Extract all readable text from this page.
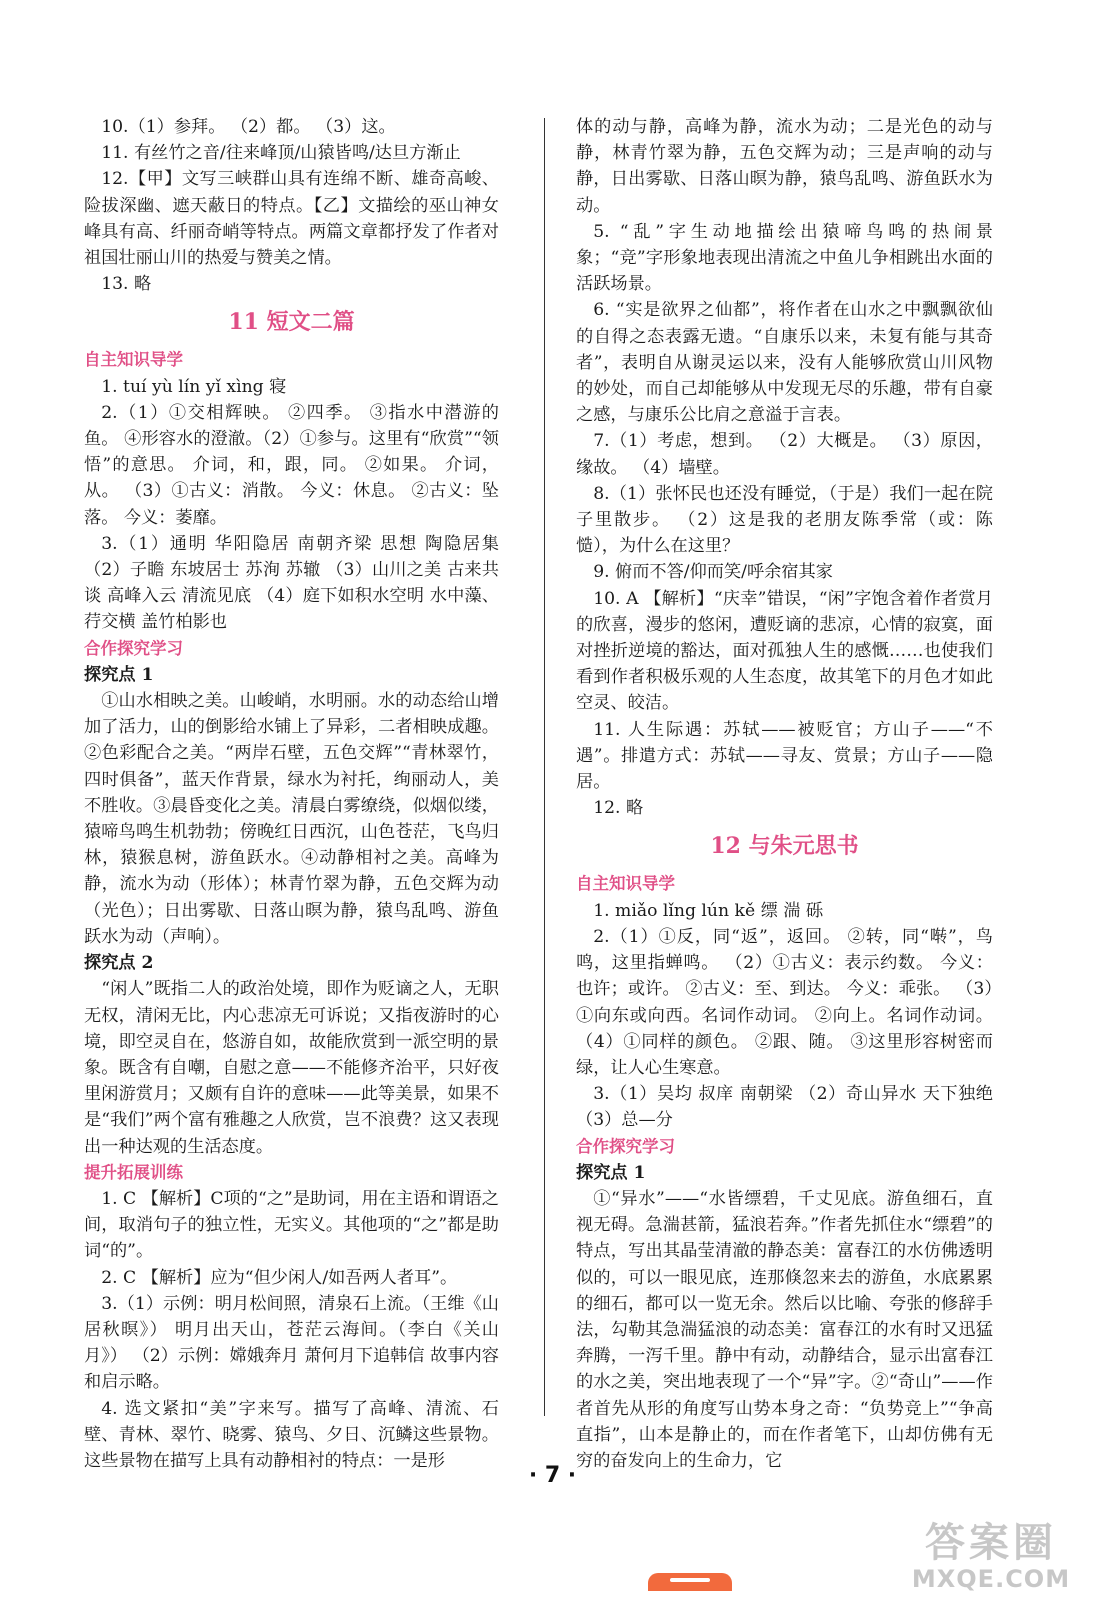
10.（1）参拜。 （2）都。 （3）这。

11. 有丝竹之音/往来峰顶/山猿皆鸣/达旦方渐止

12.【甲】文写三峡群山具有连绵不断、雄奇高峻、险拔深幽、遮天蔽日的特点。【乙】文描绘的巫山神女峰具有高、纤丽奇峭等特点。两篇文章都抒发了作者对祖国壮丽山川的热爱与赞美之情。

13. 略

11 短文二篇

自主知识导学

1. tuí yù lín yǐ xìng 寝

2.（1）①交相辉映。 ②四季。 ③指水中潜游的鱼。 ④形容水的澄澈。（2）①参与。这里有“欣赏”“领悟”的意思。 介词，和，跟，同。 ②如果。 介词，从。 （3）①古义：消散。 今义：休息。 ②古义：坠落。 今义：萎靡。

3.（1）通明 华阳隐居 南朝齐梁 思想 陶隐居集 （2）子瞻 东坡居士 苏洵 苏辙 （3）山川之美 古来共谈 高峰入云 清流见底 （4）庭下如积水空明 水中藻、荇交横 盖竹柏影也

合作探究学习

探究点 1

①山水相映之美。山峻峭，水明丽。水的动态给山增加了活力，山的倒影给水铺上了异彩，二者相映成趣。②色彩配合之美。“两岸石壁，五色交辉”“青林翠竹，四时俱备”，蓝天作背景，绿水为衬托，绚丽动人，美不胜收。③晨昏变化之美。清晨白雾缭绕，似烟似缕，猿啼鸟鸣生机勃勃；傍晚红日西沉，山色苍茫，飞鸟归林，猿猴息树，游鱼跃水。④动静相衬之美。高峰为静，流水为动（形体）；林青竹翠为静，五色交辉为动（光色）；日出雾歇、日落山暝为静，猿鸟乱鸣、游鱼跃水为动（声响）。

探究点 2

“闲人”既指二人的政治处境，即作为贬谪之人，无职无权，清闲无比，内心悲凉无可诉说；又指夜游时的心境，即空灵自在，悠游自如，故能欣赏到一派空明的景象。既含有自嘲，自慰之意——不能修齐治平，只好夜里闲游赏月；又颇有自许的意味——此等美景，如果不是“我们”两个富有雅趣之人欣赏，岂不浪费？这又表现出一种达观的生活态度。

提升拓展训练

1. C 【解析】C项的“之”是助词，用在主语和谓语之间，取消句子的独立性，无实义。其他项的“之”都是助词“的”。

2. C 【解析】应为“但少闲人/如吾两人者耳”。

3.（1）示例：明月松间照，清泉石上流。（王维《山居秋暝》） 明月出天山，苍茫云海间。（李白《关山月》） （2）示例：嫦娥奔月 萧何月下追韩信 故事内容和启示略。

4. 选文紧扣“美”字来写。描写了高峰、清流、石壁、青林、翠竹、晓雾、猿鸟、夕日、沉鳞这些景物。这些景物在描写上具有动静相衬的特点：一是形

体的动与静，高峰为静，流水为动；二是光色的动与静，林青竹翠为静，五色交辉为动；三是声响的动与静，日出雾歇、日落山暝为静，猿鸟乱鸣、游鱼跃水为动。

5. “乱”字生动地描绘出猿啼鸟鸣的热闹景象；“竞”字形象地表现出清流之中鱼儿争相跳出水面的活跃场景。

6. “实是欲界之仙都”，将作者在山水之中飘飘欲仙的自得之态表露无遗。“自康乐以来，未复有能与其奇者”，表明自从谢灵运以来，没有人能够欣赏山川风物的妙处，而自己却能够从中发现无尽的乐趣，带有自豪之感，与康乐公比肩之意溢于言表。

7.（1）考虑，想到。 （2）大概是。 （3）原因，缘故。 （4）墙壁。

8.（1）张怀民也还没有睡觉，（于是）我们一起在院子里散步。 （2）这是我的老朋友陈季常（或：陈慥），为什么在这里？

9. 俯而不答/仰而笑/呼余宿其家

10. A 【解析】“庆幸”错误，“闲”字饱含着作者赏月的欣喜，漫步的悠闲，遭贬谪的悲凉，心情的寂寞，面对挫折逆境的豁达，面对孤独人生的感慨……也使我们看到作者积极乐观的人生态度，故其笔下的月色才如此空灵、皎洁。

11. 人生际遇：苏轼——被贬官；方山子——“不遇”。排遣方式：苏轼——寻友、赏景；方山子——隐居。

12. 略

12 与朱元思书

自主知识导学

1. miǎo lǐng lún kě 缥 湍 砾

2.（1）①反，同“返”，返回。 ②转，同“啭”，鸟鸣，这里指蝉鸣。 （2）①古义：表示约数。 今义：也许；或许。 ②古义：至、到达。 今义：乖张。 （3）①向东或向西。名词作动词。 ②向上。名词作动词。 （4）①同样的颜色。 ②跟、随。 ③这里形容树密而绿，让人心生寒意。

3.（1）吴均 叔庠 南朝梁 （2）奇山异水 天下独绝 （3）总—分

合作探究学习

探究点 1

①“异水”——“水皆缥碧，千丈见底。游鱼细石，直视无碍。急湍甚箭，猛浪若奔。”作者先抓住水“缥碧”的特点，写出其晶莹清澈的静态美：富春江的水仿佛透明似的，可以一眼见底，连那倏忽来去的游鱼，水底累累的细石，都可以一览无余。然后以比喻、夸张的修辞手法，勾勒其急湍猛浪的动态美：富春江的水有时又迅猛奔腾，一泻千里。静中有动，动静结合，显示出富春江的水之美，突出地表现了一个“异”字。②“奇山”——作者首先从形的角度写山势本身之奇：“负势竞上”“争高直指”，山本是静止的，而在作者笔下，山却仿佛有无穷的奋发向上的生命力，它

· 7 ·
答案圈
MXQE.COM
